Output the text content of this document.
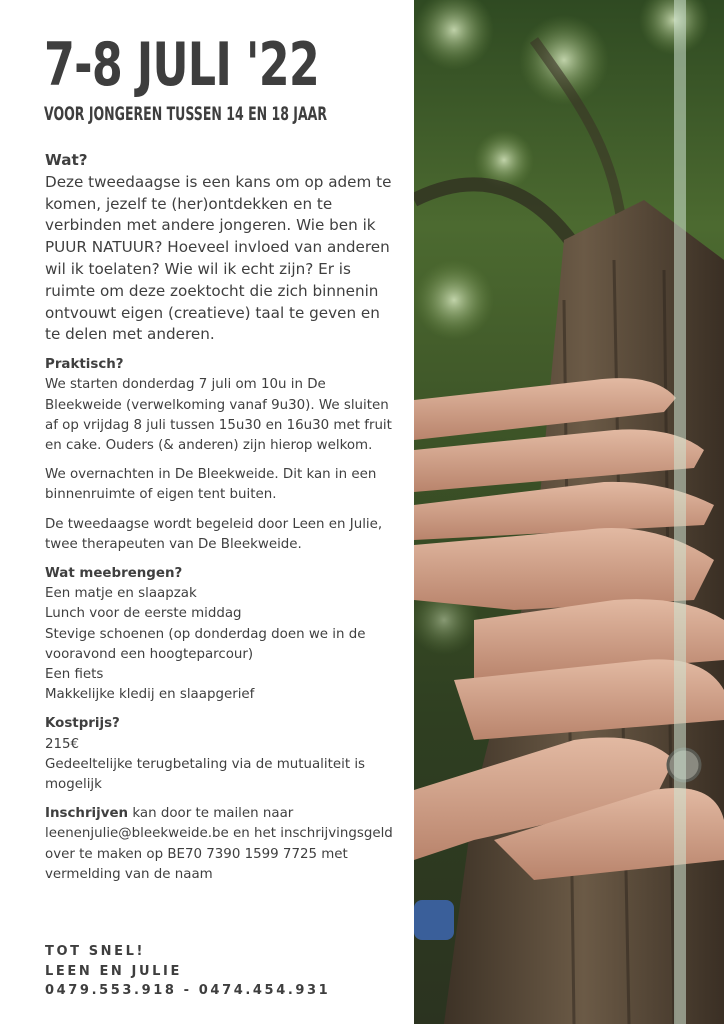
7-8 JULI '22
VOOR JONGEREN TUSSEN 14 EN 18 JAAR
Wat?
Deze tweedaagse is een kans om op adem te komen, jezelf te (her)ontdekken en te verbinden met andere jongeren. Wie ben ik PUUR NATUUR? Hoeveel invloed van anderen wil ik toelaten? Wie wil ik echt zijn? Er is ruimte om deze zoektocht die zich binnenin ontvouwt eigen (creatieve) taal te geven en te delen met anderen.
Praktisch?

We starten donderdag 7 juli om 10u in De Bleekweide (verwelkoming vanaf 9u30). We sluiten af op vrijdag 8 juli tussen 15u30 en 16u30 met fruit en cake. Ouders (& anderen) zijn hierop welkom.

We overnachten in De Bleekweide. Dit kan in een binnenruimte of eigen tent buiten.

De tweedaagse wordt begeleid door Leen en Julie, twee therapeuten van De Bleekweide.

Wat meebrengen?
Een matje en slaapzak
Lunch voor de eerste middag
Stevige schoenen (op donderdag doen we in de vooravond een hoogteparcour)
Een fiets
Makkelijke kledij en slaapgerief
Kostprijs?
215€
Gedeeltelijke terugbetaling via de mutualiteit is mogelijk
Inschrijven kan door te mailen naar leenenjulie@bleekweide.be en het inschrijvingsgeld over te maken op BE70 7390 1599 7725 met vermelding van de naam
TOT SNEL!
LEEN EN JULIE
0479.553.918 - 0474.454.931
